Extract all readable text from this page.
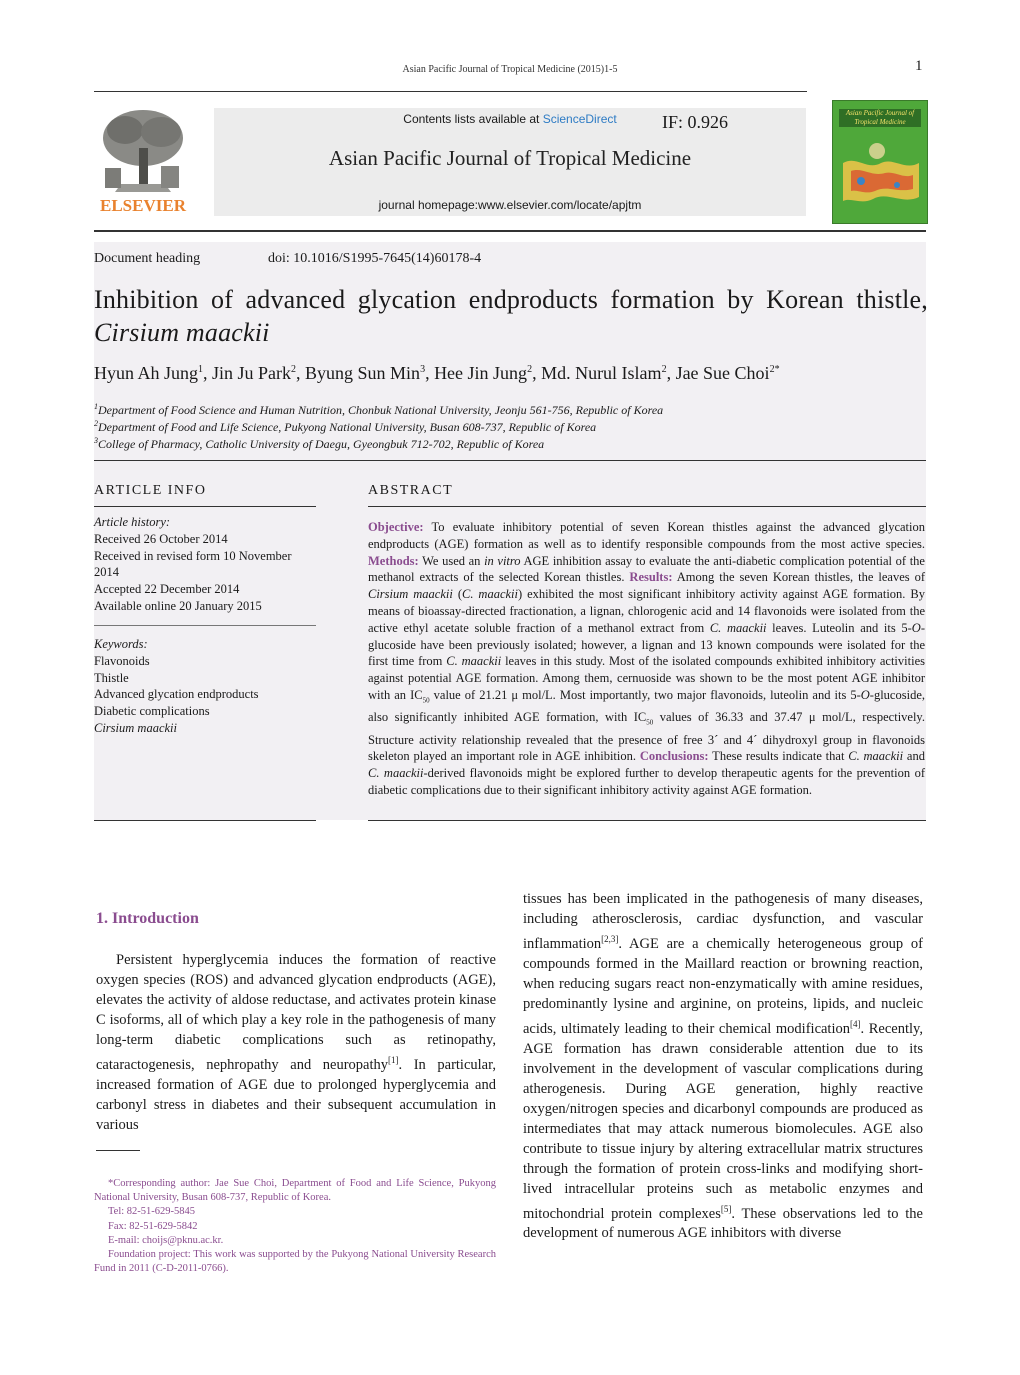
Asian Pacific Journal of Tropical Medicine (2015)1-5	1
ELSEVIER
Contents lists available at ScienceDirect	IF: 0.926
Asian Pacific Journal of Tropical Medicine
journal homepage:www.elsevier.com/locate/apjtm
Asian Pacific Journal of Tropical Medicine
Document heading	doi: 10.1016/S1995-7645(14)60178-4
Inhibition of advanced glycation endproducts formation by Korean thistle, Cirsium maackii
Hyun Ah Jung$^1$, Jin Ju Park$^2$, Byung Sun Min$^3$, Hee Jin Jung$^2$, Md. Nurul Islam$^2$, Jae Sue Choi$^{2*}$
$^1$Department of Food Science and Human Nutrition, Chonbuk National University, Jeonju 561-756, Republic of Korea
$^2$Department of Food and Life Science, Pukyong National University, Busan 608-737, Republic of Korea
$^3$College of Pharmacy, Catholic University of Daegu, Gyeongbuk 712-702, Republic of Korea
ARTICLE INFO
Article history:
Received 26 October 2014
Received in revised form 10 November
2014
Accepted 22 December 2014
Available online 20 January 2015
Keywords:
Flavonoids
Thistle
Advanced glycation endproducts
Diabetic complications
Cirsium maackii
ABSTRACT
Objective: To evaluate inhibitory potential of seven Korean thistles against the advanced glycation endproducts (AGE) formation as well as to identify responsible compounds from the most active species. Methods: We used an in vitro AGE inhibition assay to evaluate the anti-diabetic complication potential of the methanol extracts of the selected Korean thistles. Results: Among the seven Korean thistles, the leaves of Cirsium maackii (C. maackii) exhibited the most significant inhibitory activity against AGE formation. By means of bioassay-directed fractionation, a lignan, chlorogenic acid and 14 flavonoids were isolated from the active ethyl acetate soluble fraction of a methanol extract from C. maackii leaves. Luteolin and its 5-O-glucoside have been previously isolated; however, a lignan and 13 known compounds were isolated for the first time from C. maackii leaves in this study. Most of the isolated compounds exhibited inhibitory activities against potential AGE formation. Among them, cernuoside was shown to be the most potent AGE inhibitor with an $IC_{50}$ value of 21.21 μ mol/L. Most importantly, two major flavonoids, luteolin and its 5-O-glucoside, also significantly inhibited AGE formation, with $IC_{50}$ values of 36.33 and 37.47 μ mol/L, respectively. Structure activity relationship revealed that the presence of free 3´ and 4´ dihydroxyl group in flavonoids skeleton played an important role in AGE inhibition. Conclusions: These results indicate that C. maackii and C. maackii-derived flavonoids might be explored further to develop therapeutic agents for the prevention of diabetic complications due to their significant inhibitory activity against AGE formation.
1. Introduction
Persistent hyperglycemia induces the formation of reactive oxygen species (ROS) and advanced glycation endproducts (AGE), elevates the activity of aldose reductase, and activates protein kinase C isoforms, all of which play a key role in the pathogenesis of many long-term diabetic complications such as retinopathy, cataractogenesis, nephropathy and neuropathy[1]. In particular, increased formation of AGE due to prolonged hyperglycemia and carbonyl stress in diabetes and their subsequent accumulation in various
tissues has been implicated in the pathogenesis of many diseases, including atherosclerosis, cardiac dysfunction, and vascular inflammation[2,3]. AGE are a chemically heterogeneous group of compounds formed in the Maillard reaction or browning reaction, when reducing sugars react non-enzymatically with amine residues, predominantly lysine and arginine, on proteins, lipids, and nucleic acids, ultimately leading to their chemical modification[4]. Recently, AGE formation has drawn considerable attention due to its involvement in the development of vascular complications during atherogenesis. During AGE generation, highly reactive oxygen/nitrogen species and dicarbonyl compounds are produced as intermediates that may attack numerous biomolecules. AGE also contribute to tissue injury by altering extracellular matrix structures through the formation of protein cross-links and modifying short-lived intracellular proteins such as metabolic enzymes and mitochondrial protein complexes[5]. These observations led to the development of numerous AGE inhibitors with diverse
*Corresponding author: Jae Sue Choi, Department of Food and Life Science, Pukyong National University, Busan 608-737, Republic of Korea.
Tel: 82-51-629-5845
Fax: 82-51-629-5842
E-mail: choijs@pknu.ac.kr.
Foundation project: This work was supported by the Pukyong National University Research Fund in 2011 (C-D-2011-0766).
